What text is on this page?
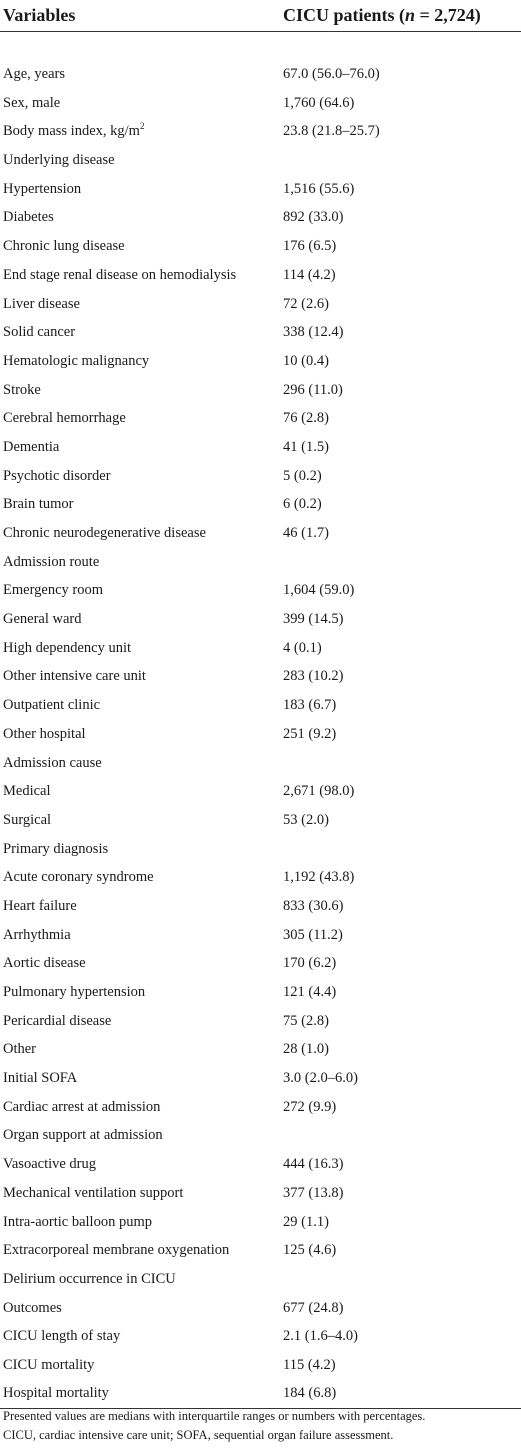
Variables	CICU patients (n = 2,724)

Age, years	67.0 (56.0–76.0)
Sex, male	1,760 (64.6)
Body mass index, $kg/m^2$	23.8 (21.8–25.7)
Underlying disease	
Hypertension	1,516 (55.6)
Diabetes	892 (33.0)
Chronic lung disease	176 (6.5)
End stage renal disease on hemodialysis	114 (4.2)
Liver disease	72 (2.6)
Solid cancer	338 (12.4)
Hematologic malignancy	10 (0.4)
Stroke	296 (11.0)
Cerebral hemorrhage	76 (2.8)
Dementia	41 (1.5)
Psychotic disorder	5 (0.2)
Brain tumor	6 (0.2)
Chronic neurodegenerative disease	46 (1.7)
Admission route	
Emergency room	1,604 (59.0)
General ward	399 (14.5)
High dependency unit	4 (0.1)
Other intensive care unit	283 (10.2)
Outpatient clinic	183 (6.7)
Other hospital	251 (9.2)
Admission cause	
Medical	2,671 (98.0)
Surgical	53 (2.0)
Primary diagnosis	
Acute coronary syndrome	1,192 (43.8)
Heart failure	833 (30.6)
Arrhythmia	305 (11.2)
Aortic disease	170 (6.2)
Pulmonary hypertension	121 (4.4)
Pericardial disease	75 (2.8)
Other	28 (1.0)
Initial SOFA	3.0 (2.0–6.0)
Cardiac arrest at admission	272 (9.9)
Organ support at admission	
Vasoactive drug	444 (16.3)
Mechanical ventilation support	377 (13.8)
Intra-aortic balloon pump	29 (1.1)
Extracorporeal membrane oxygenation	125 (4.6)
Delirium occurrence in CICU	
Outcomes	677 (24.8)
CICU length of stay	2.1 (1.6–4.0)
CICU mortality	115 (4.2)
Hospital mortality	184 (6.8)
Presented values are medians with interquartile ranges or numbers with percentages.
CICU, cardiac intensive care unit; SOFA, sequential organ failure assessment.
